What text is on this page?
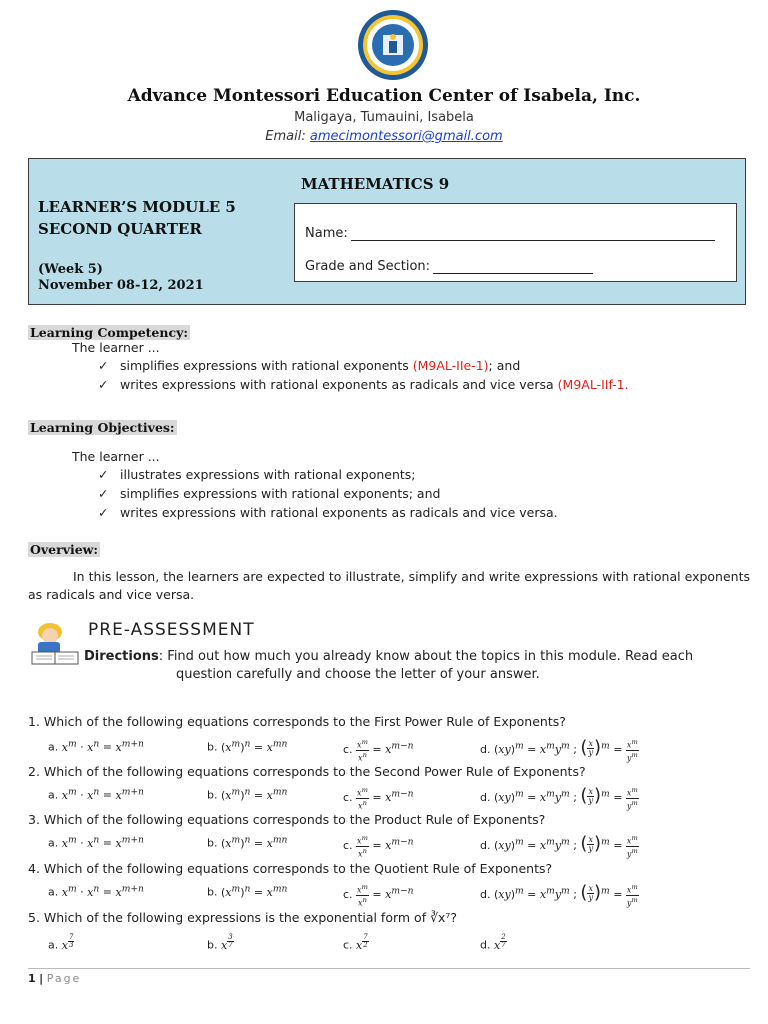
Advance Montessori Education Center of Isabela, Inc.
Maligaya, Tumauini, Isabela
Email: amecimontessori@gmail.com
LEARNER’S MODULE 5
SECOND QUARTER
(Week 5)
November 08-12, 2021
MATHEMATICS 9
Name:
Grade and Section:
Learning Competency:
The learner ...
✓ simplifies expressions with rational exponents (M9AL-IIe-1); and
✓ writes expressions with rational exponents as radicals and vice versa (M9AL-IIf-1.
Learning Objectives:
The learner ...
✓ illustrates expressions with rational exponents;
✓ simplifies expressions with rational exponents; and
✓ writes expressions with rational exponents as radicals and vice versa.
Overview:
In this lesson, the learners are expected to illustrate, simplify and write expressions with rational exponents as radicals and vice versa.
PRE-ASSESSMENT
Directions: Find out how much you already know about the topics in this module. Read each
question carefully and choose the letter of your answer.
1. Which of the following equations corresponds to the First Power Rule of Exponents?
2. Which of the following equations corresponds to the Second Power Rule of Exponents?
3. Which of the following equations corresponds to the Product Rule of Exponents?
4. Which of the following equations corresponds to the Quotient Rule of Exponents?
5. Which of the following expressions is the exponential form of ∛x⁷?
a. $x^m \cdot x^n = x^{m+n}$	b. $(x^m)^n = x^{mn}$	c. $\frac{x^m}{x^n} = x^{m-n}$	d. $(xy)^m = x^my^m$ ; ( $\frac{x}{y}$ ) $^m = \frac{x^m}{y^m}$
a. $x^m \cdot x^n = x^{m+n}$	b. $(x^m)^n = x^{mn}$	c. $\frac{x^m}{x^n} = x^{m-n}$	d. $(xy)^m = x^my^m$ ; ( $\frac{x}{y}$ ) $^m = \frac{x^m}{y^m}$
a. $x^m \cdot x^n = x^{m+n}$	b. $(x^m)^n = x^{mn}$	c. $\frac{x^m}{x^n} = x^{m-n}$	d. $(xy)^m = x^my^m$ ; ( $\frac{x}{y}$ ) $^m = \frac{x^m}{y^m}$
a. $x^m \cdot x^n = x^{m+n}$	b. $(x^m)^n = x^{mn}$	c. $\frac{x^m}{x^n} = x^{m-n}$	d. $(xy)^m = x^my^m$ ; ( $\frac{x}{y}$ ) $^m = \frac{x^m}{y^m}$
a. x $^{\frac{7}{3}}$	b. x $^{\frac{3}{7}}$	c. x $^{\frac{7}{2}}$	d. x $^{\frac{2}{7}}$
1 | Page
